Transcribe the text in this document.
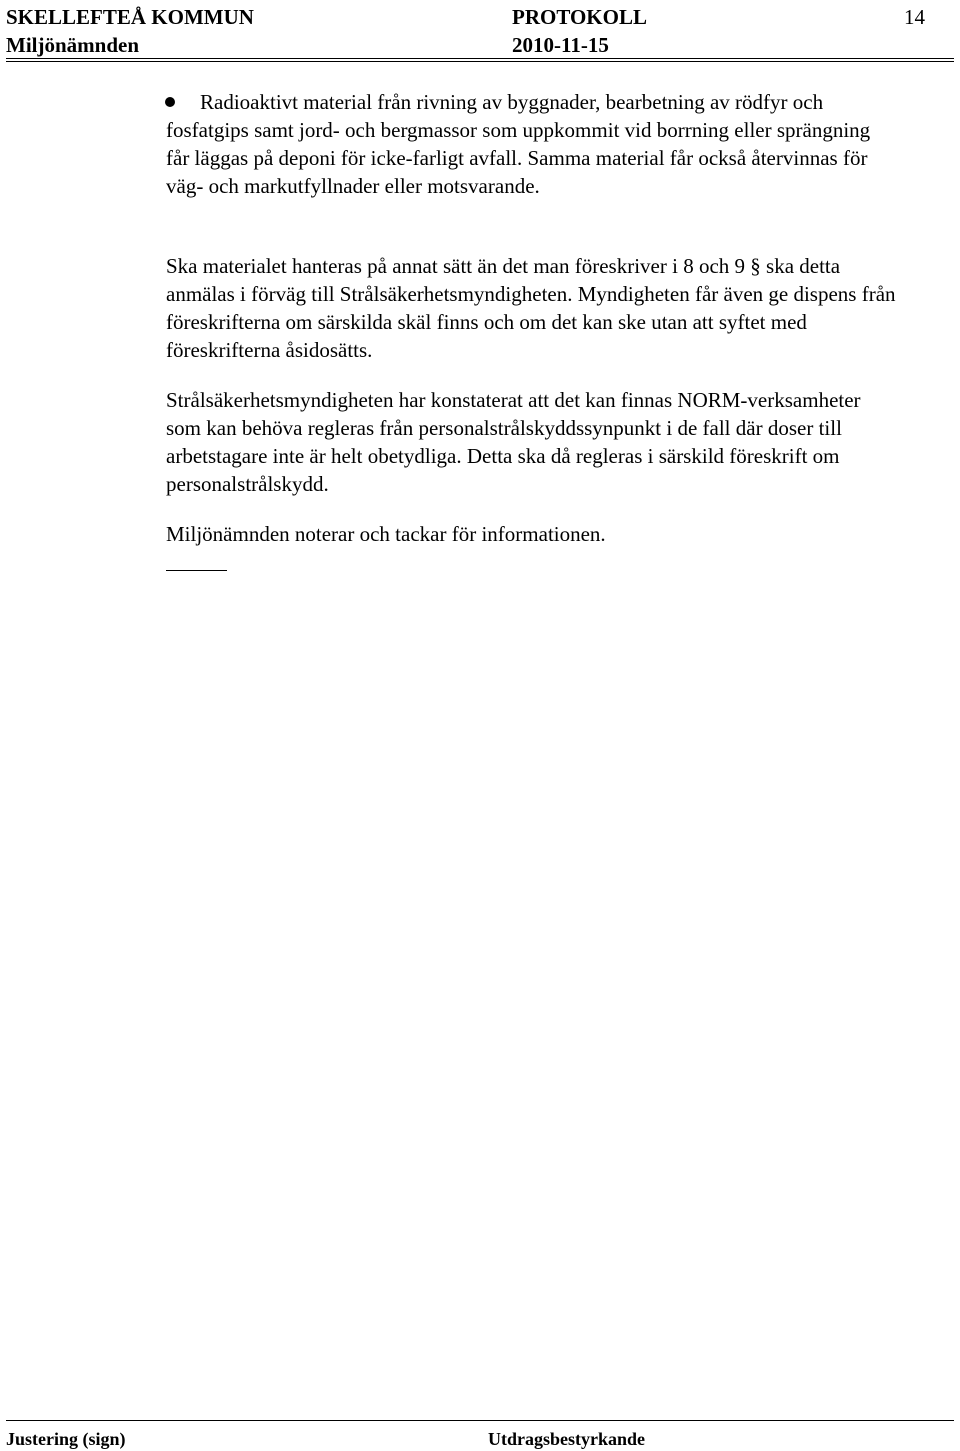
SKELLEFTEÅ KOMMUN
Miljönämnden
PROTOKOLL
2010-11-15
14

Radioaktivt material från rivning av byggnader, bearbetning av rödfyr och fosfatgips samt jord- och bergmassor som uppkommit vid borrning eller sprängning får läggas på deponi för icke-farligt avfall. Samma material får också återvinnas för väg- och markutfyllnader eller motsvarande.

Ska materialet hanteras på annat sätt än det man föreskriver i 8 och 9 § ska detta anmälas i förväg till Strålsäkerhetsmyndigheten. Myndigheten får även ge dispens från föreskrifterna om särskilda skäl finns och om det kan ske utan att syftet med föreskrifterna åsidosätts.

Strålsäkerhetsmyndigheten har konstaterat att det kan finnas NORM-verksamheter som kan behöva regleras från personalstrålskyddssynpunkt i de fall där doser till arbetstagare inte är helt obetydliga. Detta ska då regleras i särskild föreskrift om personalstrålskydd.

Miljönämnden noterar och tackar för informationen.

Justering (sign)	Utdragsbestyrkande
